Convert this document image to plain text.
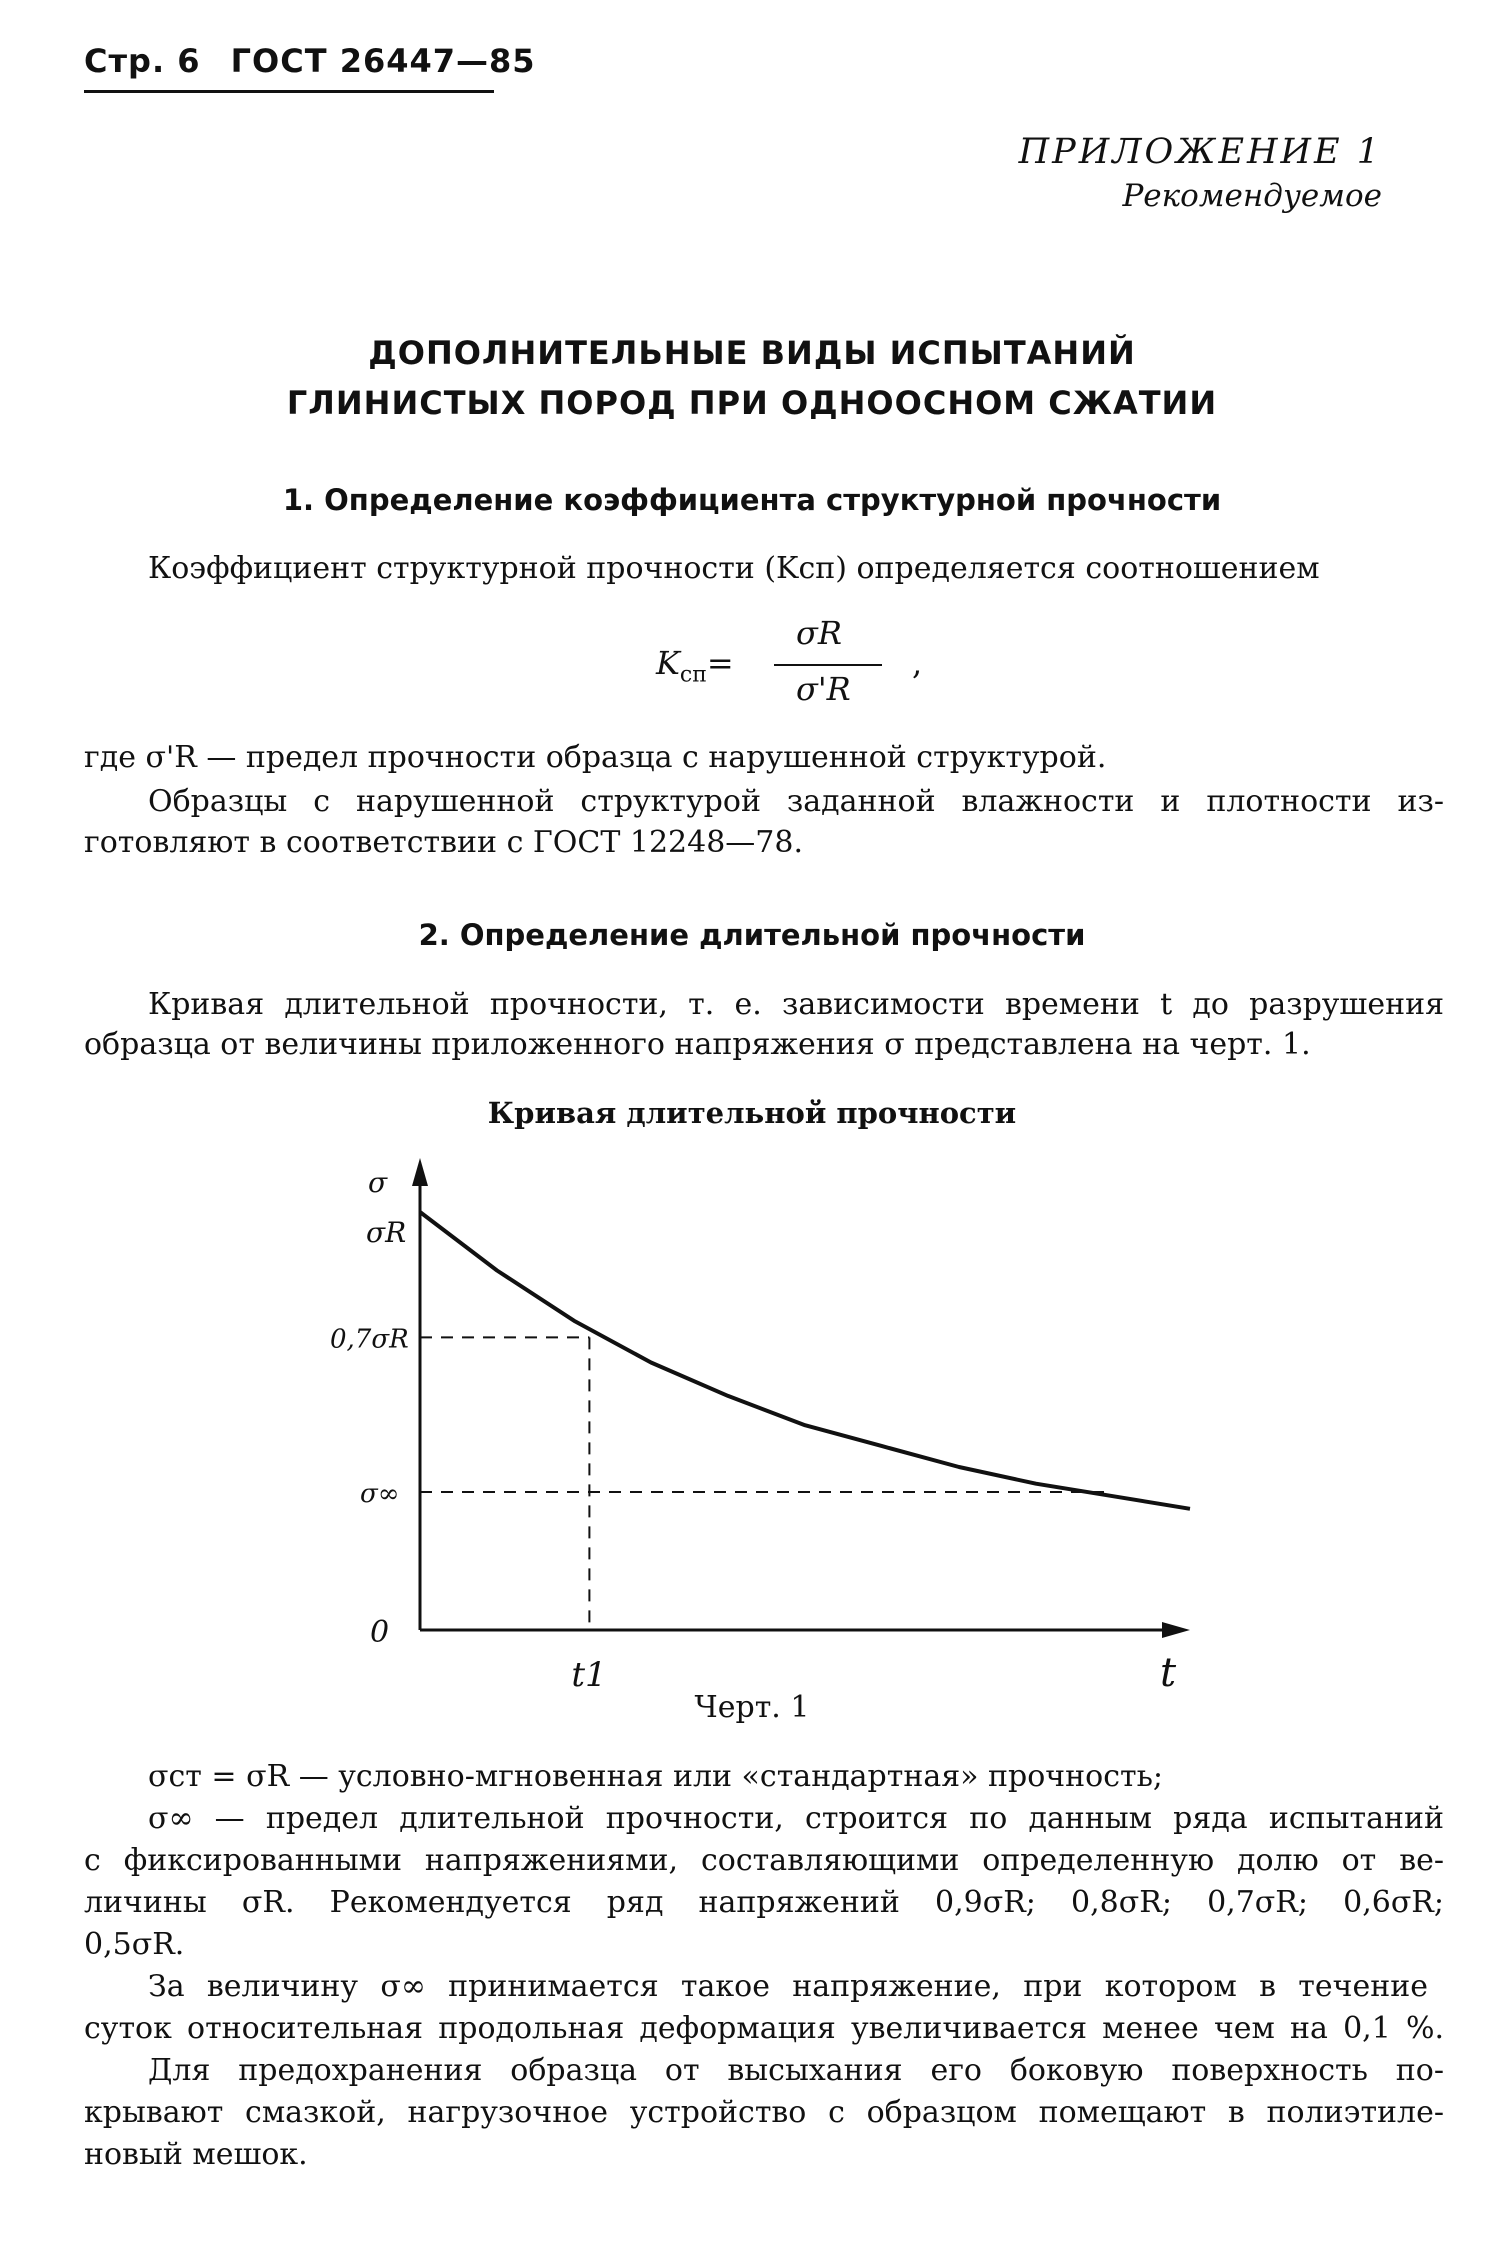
Стр. 6 ГОСТ 26447—85
ПРИЛОЖЕНИЕ 1
Рекомендуемое
ДОПОЛНИТЕЛЬНЫЕ ВИДЫ ИСПЫТАНИЙ
ГЛИНИСТЫХ ПОРОД ПРИ ОДНООСНОМ СЖАТИИ
1. Определение коэффициента структурной прочности
Коэффициент структурной прочности (Kсп) определяется соотношением
$K_{сп}=$
σR
σ'R
,
где σ'R — предел прочности образца с нарушенной структурой.
Образцы с нарушенной структурой заданной влажности и плотности из-
готовляют в соответствии с ГОСТ 12248—78.
2. Определение длительной прочности
Кривая длительной прочности, т. е. зависимости времени t до разрушения
образца от величины приложенного напряжения σ представлена на черт. 1.
Кривая длительной прочности
σ
σR
0,7σR
σ∞
0
t1	t
Черт. 1
σст = σR — условно-мгновенная или «стандартная» прочность;
σ∞ — предел длительной прочности, строится по данным ряда испытаний
с фиксированными напряжениями, составляющими определенную долю от ве-
личины σR. Рекомендуется ряд напряжений 0,9σR; 0,8σR; 0,7σR; 0,6σR;
0,5σR.
За величину σ∞ принимается такое напряжение, при котором в течение
суток относительная продольная деформация увеличивается менее чем на 0,1 %.
Для предохранения образца от высыхания его боковую поверхность по-
крывают смазкой, нагрузочное устройство с образцом помещают в полиэтиле-
новый мешок.
